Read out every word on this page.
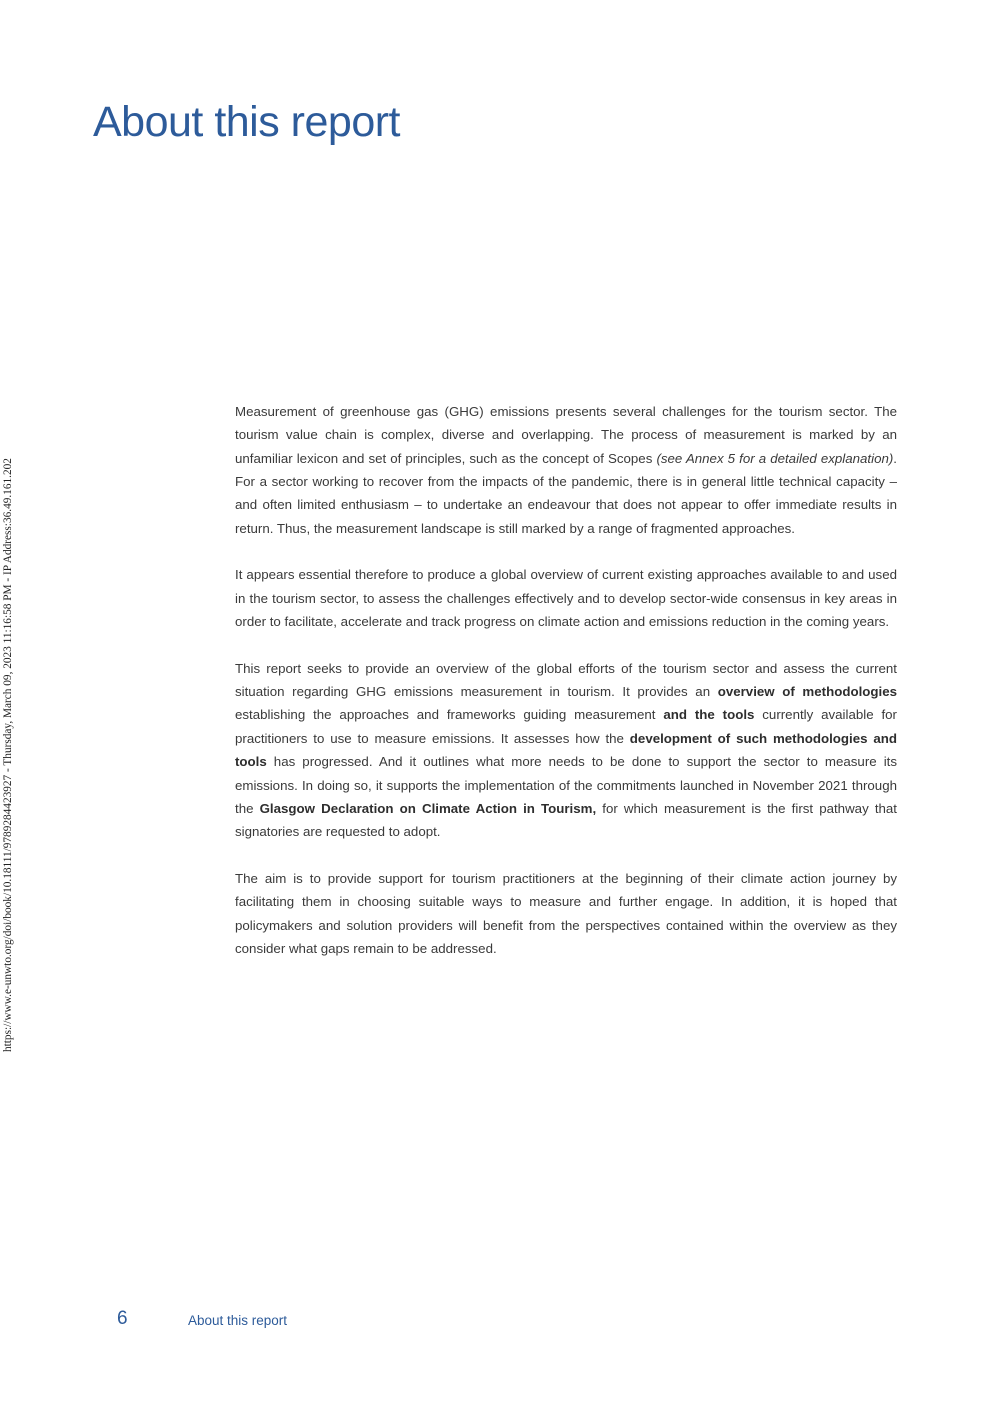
https://www.e-unwto.org/doi/book/10.18111/9789284423927 - Thursday, March 09, 2023 11:16:58 PM - IP Address:36.49.161.202
About this report

Measurement of greenhouse gas (GHG) emissions presents several challenges for the tourism sector. The tourism value chain is complex, diverse and overlapping. The process of measurement is marked by an unfamiliar lexicon and set of principles, such as the concept of Scopes (see Annex 5 for a detailed explanation). For a sector working to recover from the impacts of the pandemic, there is in general little technical capacity – and often limited enthusiasm – to undertake an endeavour that does not appear to offer immediate results in return. Thus, the measurement landscape is still marked by a range of fragmented approaches.

It appears essential therefore to produce a global overview of current existing approaches available to and used in the tourism sector, to assess the challenges effectively and to develop sector-wide consensus in key areas in order to facilitate, accelerate and track progress on climate action and emissions reduction in the coming years.

This report seeks to provide an overview of the global efforts of the tourism sector and assess the current situation regarding GHG emissions measurement in tourism. It provides an overview of methodologies establishing the approaches and frameworks guiding measurement and the tools currently available for practitioners to use to measure emissions. It assesses how the development of such methodologies and tools has progressed. And it outlines what more needs to be done to support the sector to measure its emissions. In doing so, it supports the implementation of the commitments launched in November 2021 through the Glasgow Declaration on Climate Action in Tourism, for which measurement is the first pathway that signatories are requested to adopt.

The aim is to provide support for tourism practitioners at the beginning of their climate action journey by facilitating them in choosing suitable ways to measure and further engage. In addition, it is hoped that policymakers and solution providers will benefit from the perspectives contained within the overview as they consider what gaps remain to be addressed.

6	About this report
